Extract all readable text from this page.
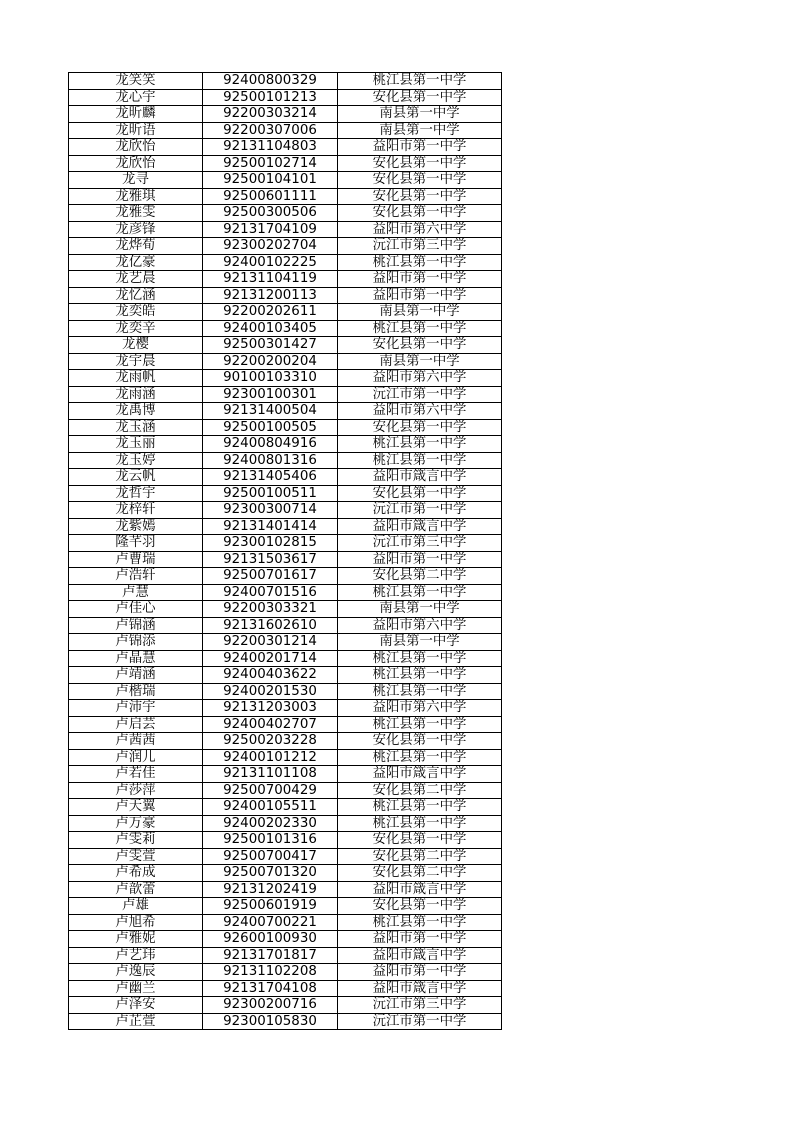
龙笑笑	92400800329	桃江县第一中学
龙心宇	92500101213	安化县第一中学
龙昕麟	92200303214	南县第一中学
龙昕语	92200307006	南县第一中学
龙欣怡	92131104803	益阳市第一中学
龙欣怡	92500102714	安化县第一中学
龙寻	92500104101	安化县第一中学
龙雅琪	92500601111	安化县第一中学
龙雅雯	92500300506	安化县第一中学
龙彦锋	92131704109	益阳市第六中学
龙烨荀	92300202704	沅江市第三中学
龙亿豪	92400102225	桃江县第一中学
龙艺晨	92131104119	益阳市第一中学
龙忆涵	92131200113	益阳市第一中学
龙奕皓	92200202611	南县第一中学
龙奕辛	92400103405	桃江县第一中学
龙樱	92500301427	安化县第一中学
龙宇晨	92200200204	南县第一中学
龙雨帆	90100103310	益阳市第六中学
龙雨涵	92300100301	沅江市第一中学
龙禹博	92131400504	益阳市第六中学
龙玉涵	92500100505	安化县第一中学
龙玉丽	92400804916	桃江县第一中学
龙玉婷	92400801316	桃江县第一中学
龙云帆	92131405406	益阳市箴言中学
龙哲宇	92500100511	安化县第一中学
龙梓轩	92300300714	沅江市第一中学
龙紫嫣	92131401414	益阳市箴言中学
隆芊羽	92300102815	沅江市第三中学
卢曹瑞	92131503617	益阳市第一中学
卢浩轩	92500701617	安化县第二中学
卢慧	92400701516	桃江县第一中学
卢佳心	92200303321	南县第一中学
卢锦涵	92131602610	益阳市第六中学
卢锦添	92200301214	南县第一中学
卢晶慧	92400201714	桃江县第一中学
卢靖涵	92400403622	桃江县第一中学
卢楷瑞	92400201530	桃江县第一中学
卢沛宇	92131203003	益阳市第六中学
卢启芸	92400402707	桃江县第一中学
卢茜茜	92500203228	安化县第一中学
卢润儿	92400101212	桃江县第一中学
卢若佳	92131101108	益阳市箴言中学
卢莎萍	92500700429	安化县第二中学
卢天翼	92400105511	桃江县第一中学
卢万豪	92400202330	桃江县第一中学
卢雯莉	92500101316	安化县第一中学
卢雯萱	92500700417	安化县第二中学
卢希成	92500701320	安化县第二中学
卢歆蕾	92131202419	益阳市箴言中学
卢雄	92500601919	安化县第一中学
卢旭希	92400700221	桃江县第一中学
卢雅妮	92600100930	益阳市第一中学
卢艺玮	92131701817	益阳市箴言中学
卢逸辰	92131102208	益阳市第一中学
卢幽兰	92131704108	益阳市箴言中学
卢泽安	92300200716	沅江市第三中学
卢芷萱	92300105830	沅江市第一中学
